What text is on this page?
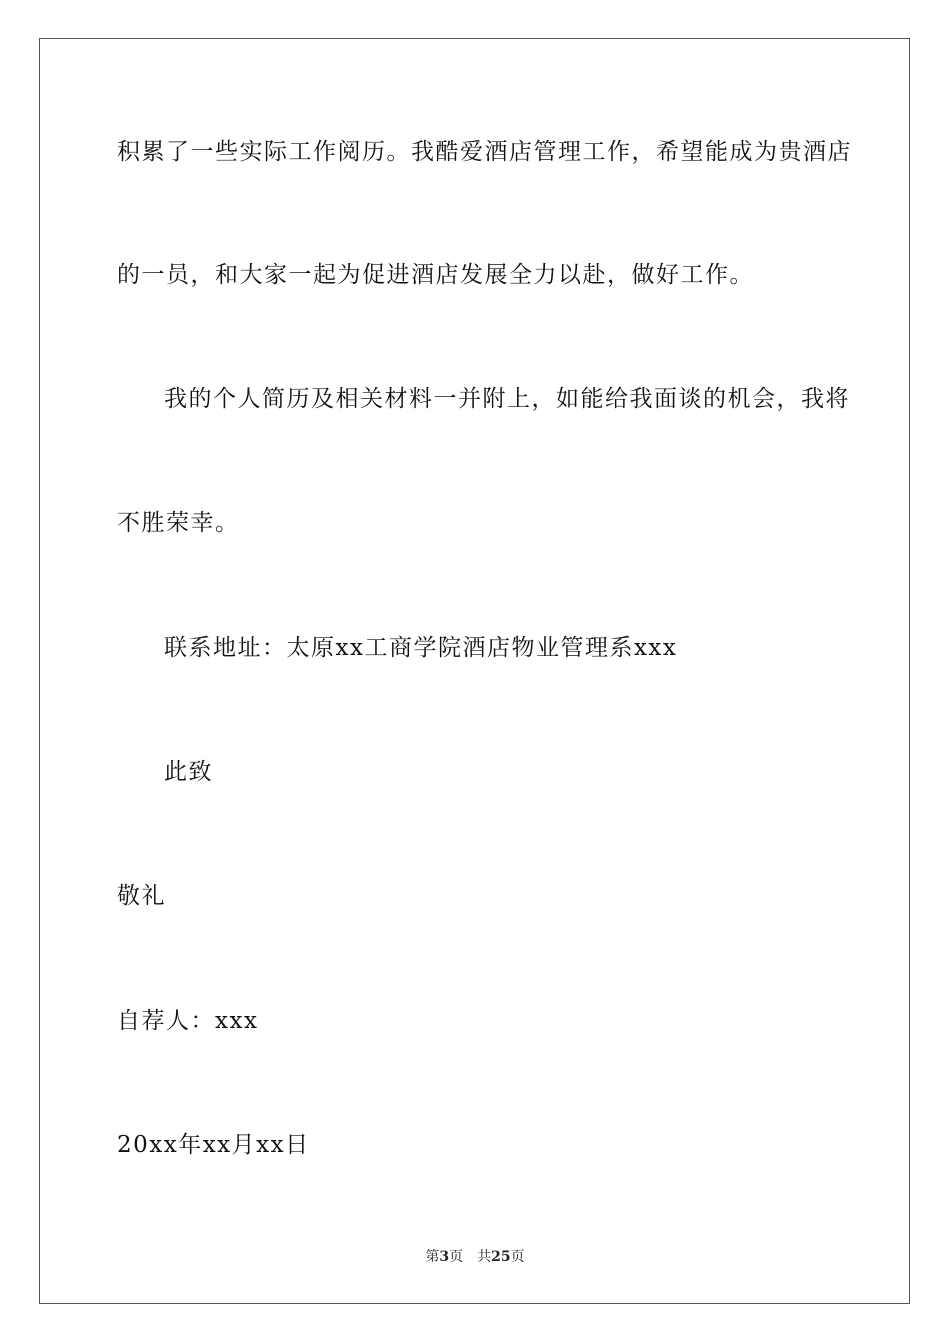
积累了一些实际工作阅历。我酷爱酒店管理工作，希望能成为贵酒店
的一员，和大家一起为促进酒店发展全力以赴，做好工作。
我的个人简历及相关材料一并附上，如能给我面谈的机会，我将
不胜荣幸。
联系地址：太原xx工商学院酒店物业管理系xxx
此致
敬礼
自荐人：xxx
20xx年xx月xx日
第3页 共25页
